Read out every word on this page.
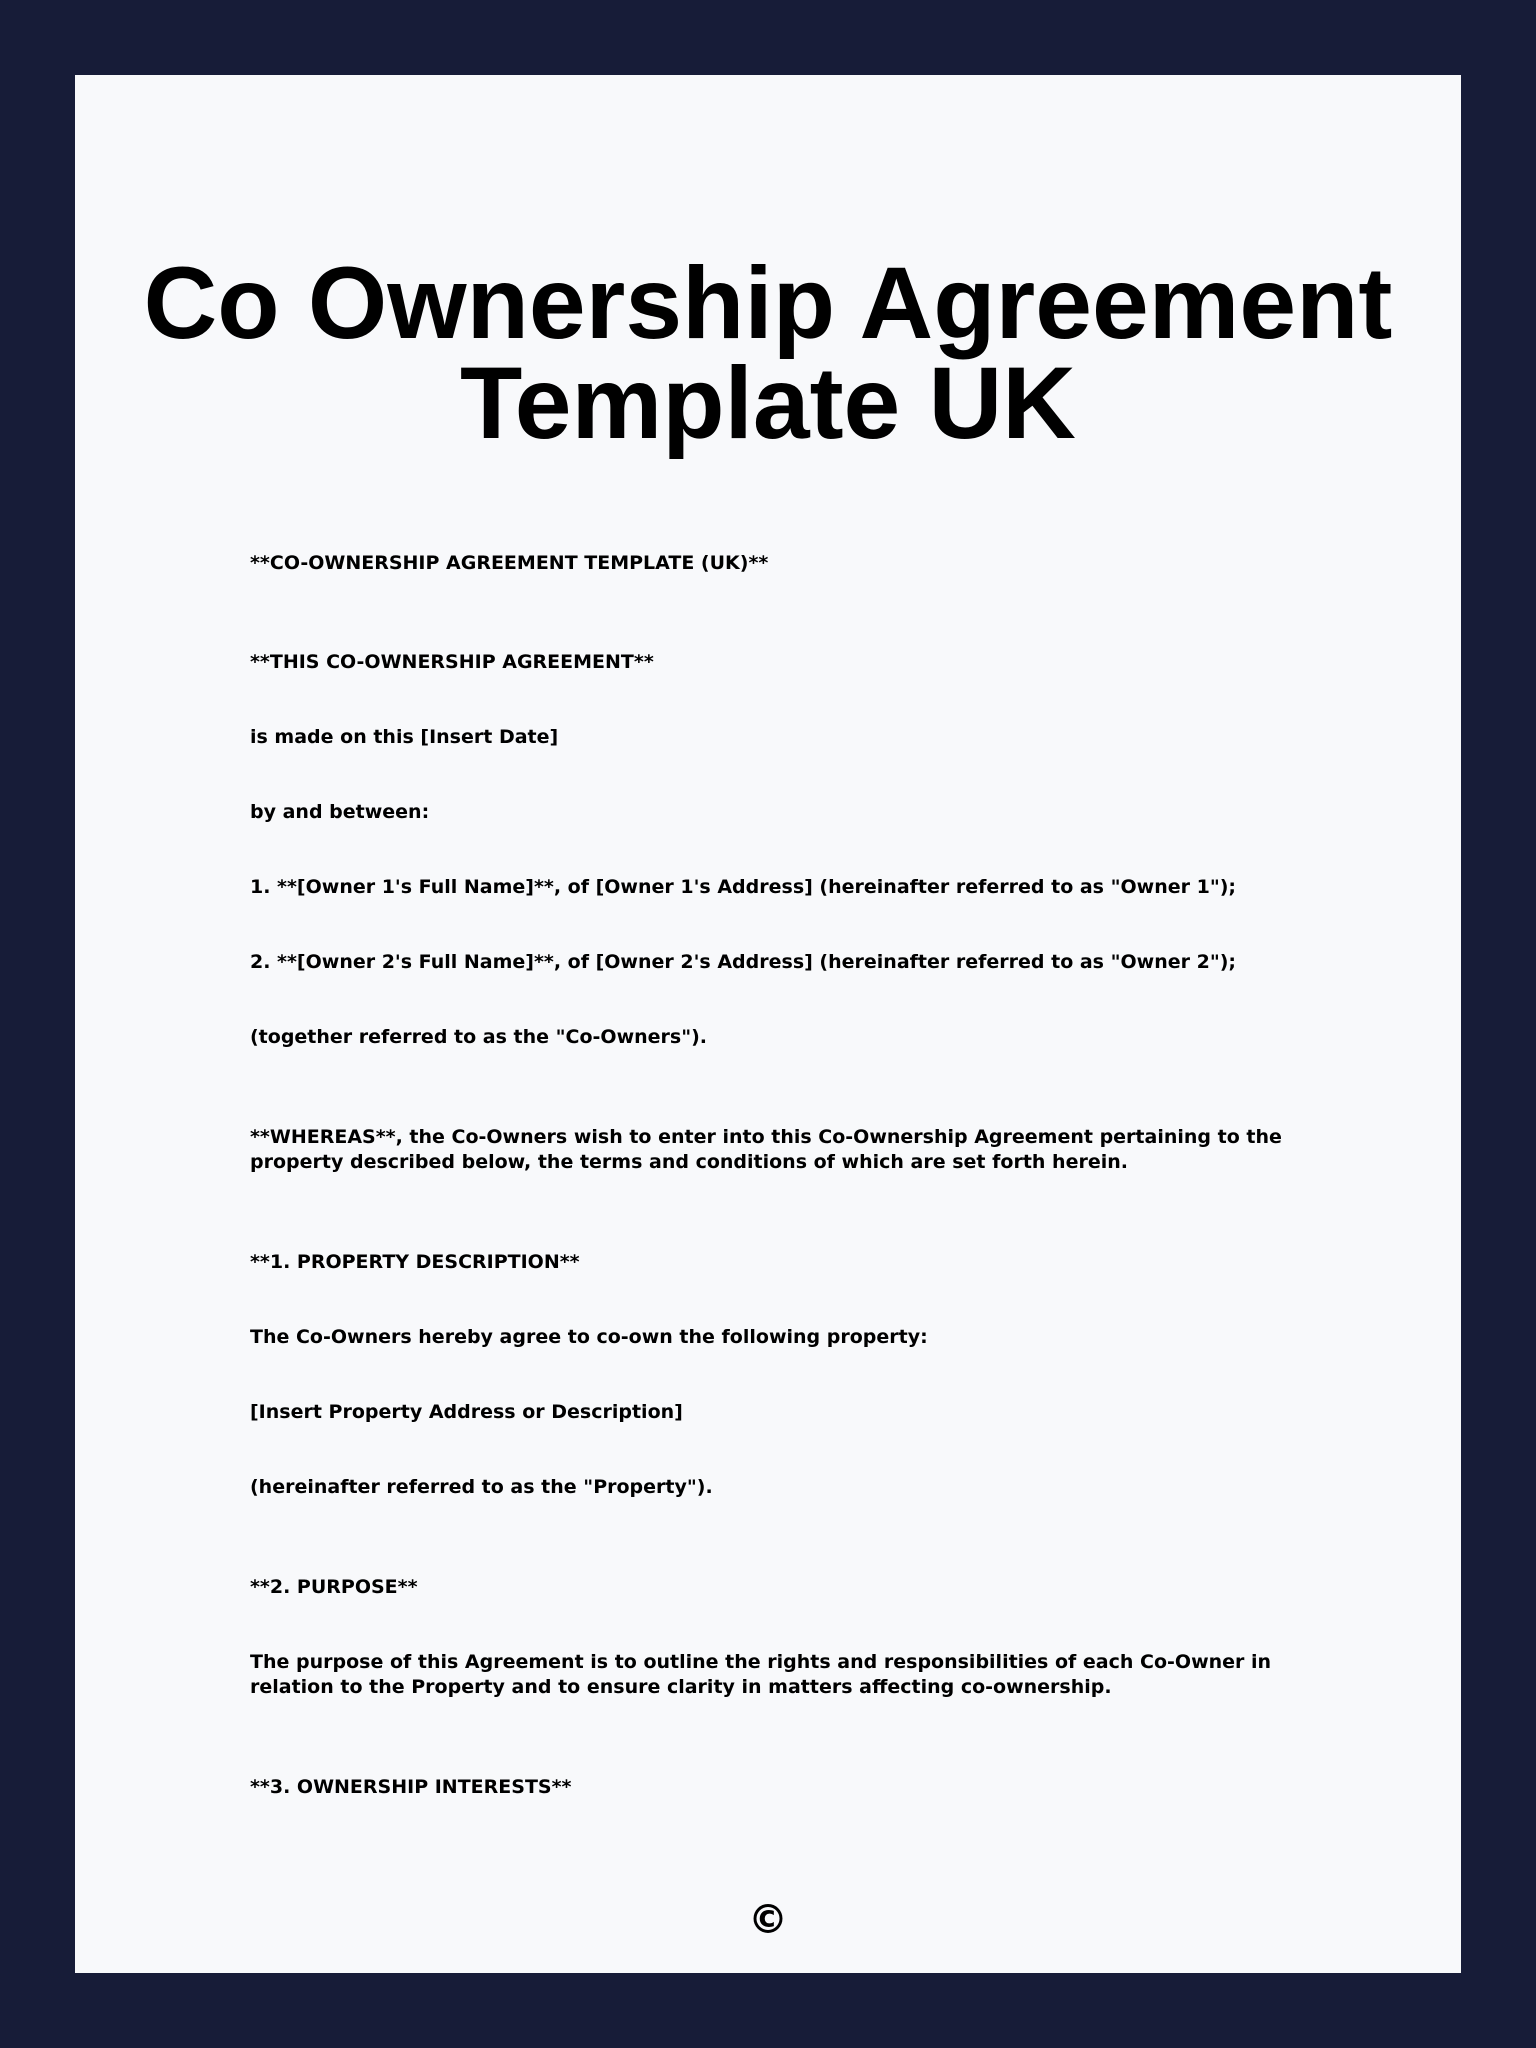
Co Ownership Agreement
Template UK

**CO-OWNERSHIP AGREEMENT TEMPLATE (UK)**

**THIS CO-OWNERSHIP AGREEMENT**

is made on this [Insert Date]

by and between:

1. **[Owner 1's Full Name]**, of [Owner 1's Address] (hereinafter referred to as "Owner 1");

2. **[Owner 2's Full Name]**, of [Owner 2's Address] (hereinafter referred to as "Owner 2");

(together referred to as the "Co-Owners").

**WHEREAS**, the Co-Owners wish to enter into this Co-Ownership Agreement pertaining to the property described below, the terms and conditions of which are set forth herein.

**1. PROPERTY DESCRIPTION**

The Co-Owners hereby agree to co-own the following property:

[Insert Property Address or Description]

(hereinafter referred to as the "Property").

**2. PURPOSE**

The purpose of this Agreement is to outline the rights and responsibilities of each Co-Owner in relation to the Property and to ensure clarity in matters affecting co-ownership.

**3. OWNERSHIP INTERESTS**

©
